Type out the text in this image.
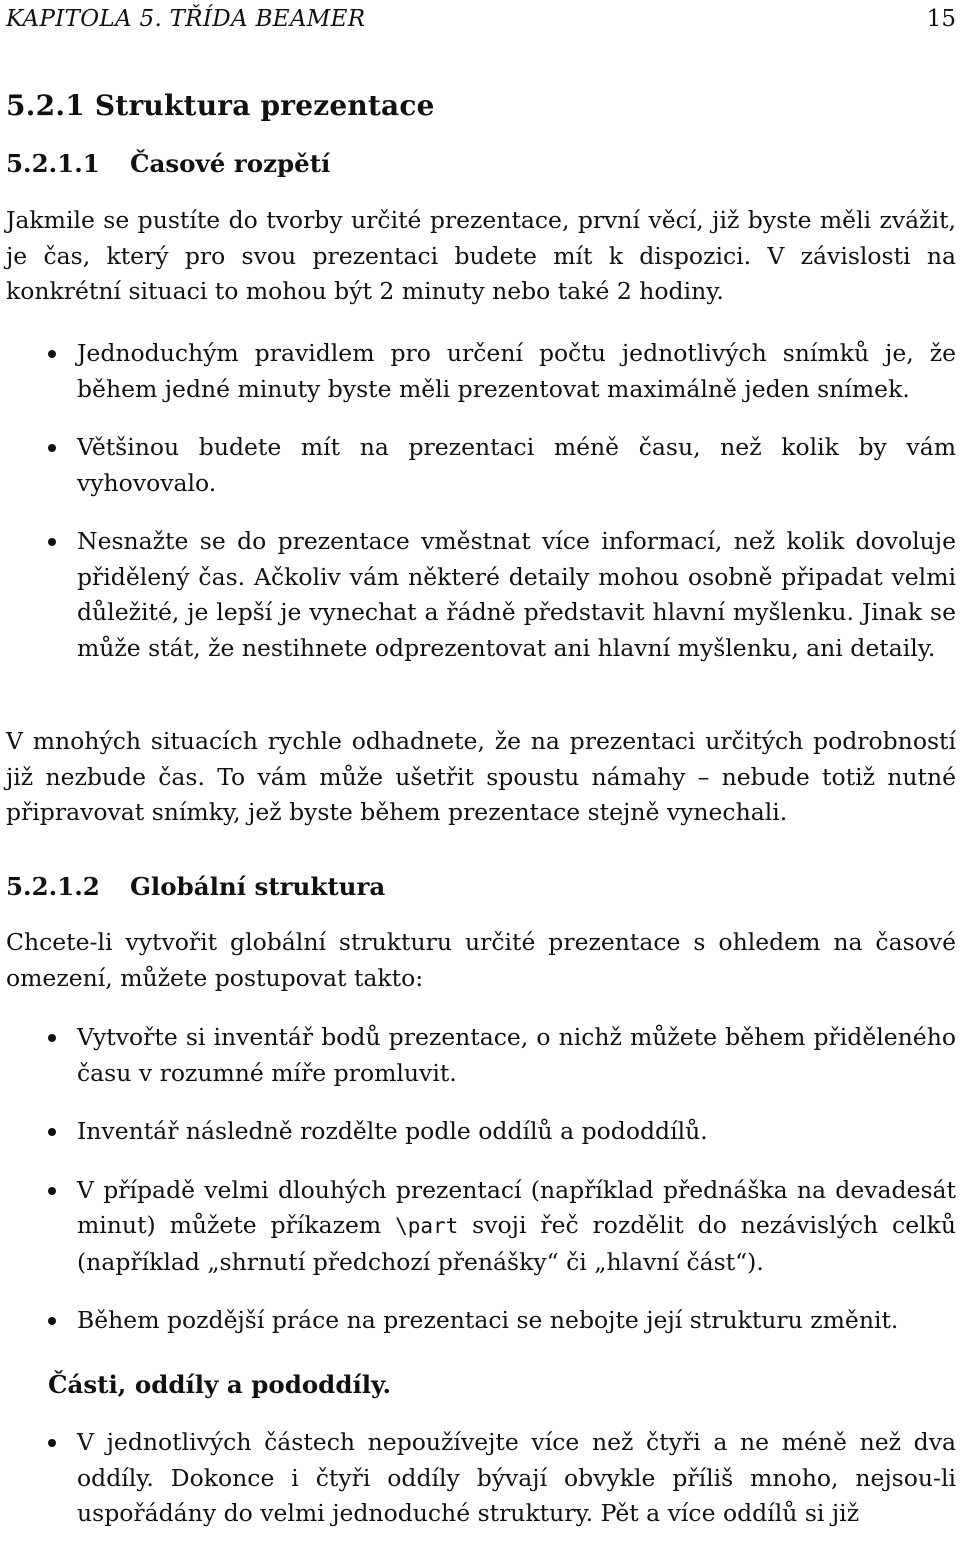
KAPITOLA 5. TŘÍDA BEAMER	15
5.2.1 Struktura prezentace
5.2.1.1 Časové rozpětí
Jakmile se pustíte do tvorby určité prezentace, první věcí, již byste měli zvážit, je čas, který pro svou prezentaci budete mít k dispozici. V závislosti na konkrétní situaci to mohou být 2 minuty nebo také 2 hodiny.
Jednoduchým pravidlem pro určení počtu jednotlivých snímků je, že během jedné minuty byste měli prezentovat maximálně jeden snímek.
Většinou budete mít na prezentaci méně času, než kolik by vám vyhovovalo.
Nesnažte se do prezentace vměstnat více informací, než kolik dovoluje přidělený čas. Ačkoliv vám některé detaily mohou osobně připadat velmi důležité, je lepší je vynechat a řádně představit hlavní myšlenku. Jinak se může stát, že nestihnete odprezentovat ani hlavní myšlenku, ani detaily.
V mnohých situacích rychle odhadnete, že na prezentaci určitých podrobností již nezbude čas. To vám může ušetřit spoustu námahy – nebude totiž nutné připravovat snímky, jež byste během prezentace stejně vynechali.
5.2.1.2 Globální struktura
Chcete-li vytvořit globální strukturu určité prezentace s ohledem na časové omezení, můžete postupovat takto:
Vytvořte si inventář bodů prezentace, o nichž můžete během přiděleného času v rozumné míře promluvit.
Inventář následně rozdělte podle oddílů a pododdílů.
V případě velmi dlouhých prezentací (například přednáška na devadesát minut) můžete příkazem \part svoji řeč rozdělit do nezávislých celků (například „shrnutí předchozí přenášky“ či „hlavní část“).
Během pozdější práce na prezentaci se nebojte její strukturu změnit.
Části, oddíly a pododdíly.
V jednotlivých částech nepoužívejte více než čtyři a ne méně než dva oddíly. Dokonce i čtyři oddíly bývají obvykle příliš mnoho, nejsou-li uspořádány do velmi jednoduché struktury. Pět a více oddílů si již
